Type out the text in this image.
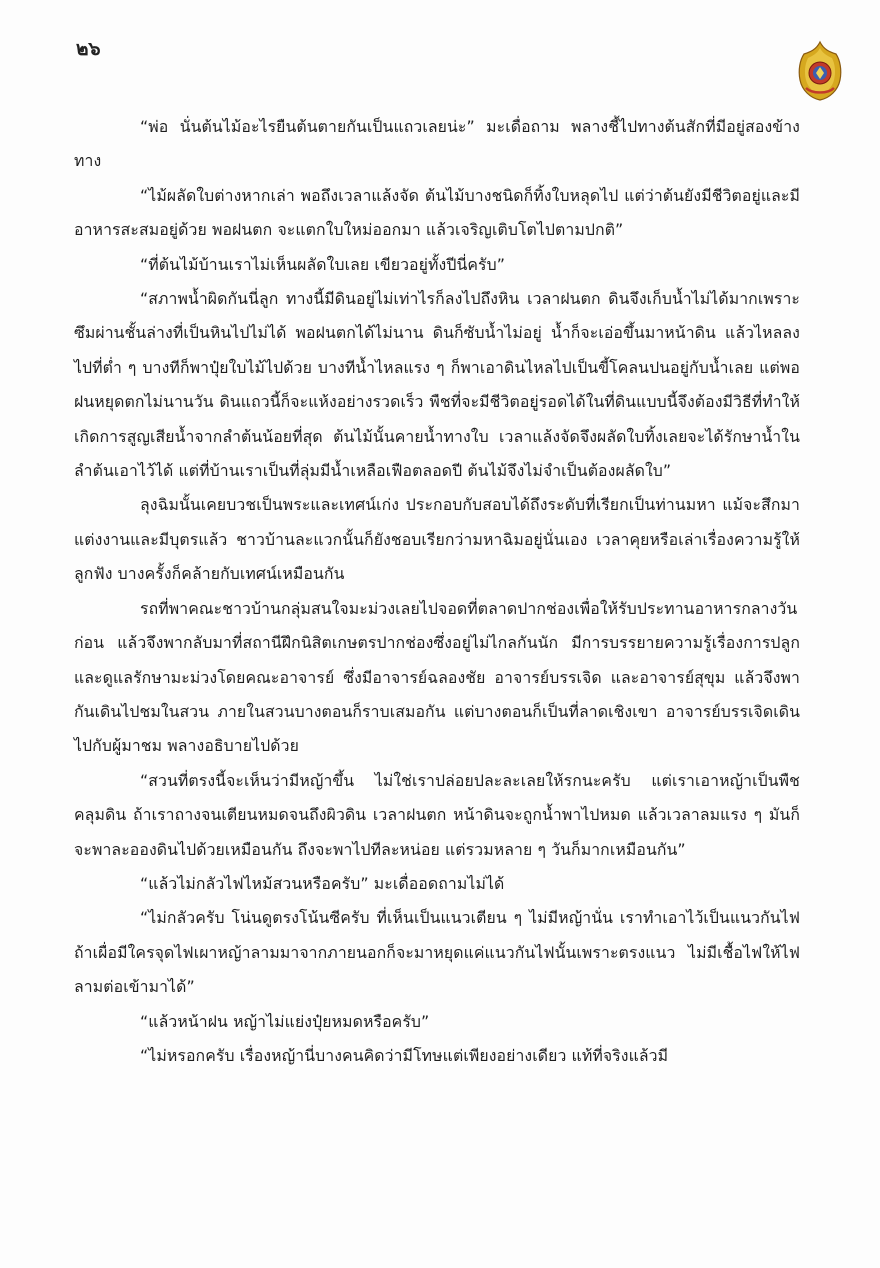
๒๖

“พ่อ นั่นต้นไม้อะไรยืนต้นตายกันเป็นแถวเลยน่ะ” มะเดื่อถาม พลางชี้ไปทางต้นสักที่มีอยู่สองข้างทาง

“ไม้ผลัดใบต่างหากเล่า พอถึงเวลาแล้งจัด ต้นไม้บางชนิดก็ทิ้งใบหลุดไป แต่ว่าต้นยังมีชีวิตอยู่และมีอาหารสะสมอยู่ด้วย พอฝนตก จะแตกใบใหม่ออกมา แล้วเจริญเติบโตไปตามปกติ”

“ที่ต้นไม้บ้านเราไม่เห็นผลัดใบเลย เขียวอยู่ทั้งปีนี่ครับ”

“สภาพน้ำผิดกันนี่ลูก ทางนี้มีดินอยู่ไม่เท่าไรก็ลงไปถึงหิน เวลาฝนตก ดินจึงเก็บน้ำไม่ได้มากเพราะซึมผ่านชั้นล่างที่เป็นหินไปไม่ได้ พอฝนตกได้ไม่นาน ดินก็ซับน้ำไม่อยู่ น้ำก็จะเอ่อขึ้นมาหน้าดิน แล้วไหลลงไปที่ต่ำ ๆ บางทีก็พาปุ๋ยใบไม้ไปด้วย บางทีน้ำไหลแรง ๆ ก็พาเอาดินไหลไปเป็นขี้โคลนปนอยู่กับน้ำเลย แต่พอฝนหยุดตกไม่นานวัน ดินแถวนี้ก็จะแห้งอย่างรวดเร็ว พืชที่จะมีชีวิตอยู่รอดได้ในที่ดินแบบนี้จึงต้องมีวิธีที่ทำให้เกิดการสูญเสียน้ำจากลำต้นน้อยที่สุด ต้นไม้นั้นคายน้ำทางใบ เวลาแล้งจัดจึงผลัดใบทิ้งเลยจะได้รักษาน้ำในลำต้นเอาไว้ได้ แต่ที่บ้านเราเป็นที่ลุ่มมีน้ำเหลือเฟือตลอดปี ต้นไม้จึงไม่จำเป็นต้องผลัดใบ”

ลุงฉิมนั้นเคยบวชเป็นพระและเทศน์เก่ง ประกอบกับสอบได้ถึงระดับที่เรียกเป็นท่านมหา แม้จะสึกมาแต่งงานและมีบุตรแล้ว ชาวบ้านละแวกนั้นก็ยังชอบเรียกว่ามหาฉิมอยู่นั่นเอง เวลาคุยหรือเล่าเรื่องความรู้ให้ลูกฟัง บางครั้งก็คล้ายกับเทศน์เหมือนกัน

รถที่พาคณะชาวบ้านกลุ่มสนใจมะม่วงเลยไปจอดที่ตลาดปากช่องเพื่อให้รับประทานอาหารกลางวันก่อน แล้วจึงพากลับมาที่สถานีฝึกนิสิตเกษตรปากช่องซึ่งอยู่ไม่ไกลกันนัก มีการบรรยายความรู้เรื่องการปลูกและดูแลรักษามะม่วงโดยคณะอาจารย์ ซึ่งมีอาจารย์ฉลองชัย อาจารย์บรรเจิด และอาจารย์สุขุม แล้วจึงพากันเดินไปชมในสวน ภายในสวนบางตอนก็ราบเสมอกัน แต่บางตอนก็เป็นที่ลาดเชิงเขา อาจารย์บรรเจิดเดินไปกับผู้มาชม พลางอธิบายไปด้วย

“สวนที่ตรงนี้จะเห็นว่ามีหญ้าขึ้น ไม่ใช่เราปล่อยปละละเลยให้รกนะครับ แต่เราเอาหญ้าเป็นพืชคลุมดิน ถ้าเราถางจนเตียนหมดจนถึงผิวดิน เวลาฝนตก หน้าดินจะถูกน้ำพาไปหมด แล้วเวลาลมแรง ๆ มันก็จะพาละอองดินไปด้วยเหมือนกัน ถึงจะพาไปทีละหน่อย แต่รวมหลาย ๆ วันก็มากเหมือนกัน”

“แล้วไม่กลัวไฟไหม้สวนหรือครับ” มะเดื่ออดถามไม่ได้

“ไม่กลัวครับ โน่นดูตรงโน้นซีครับ ที่เห็นเป็นแนวเตียน ๆ ไม่มีหญ้านั่น เราทำเอาไว้เป็นแนวกันไฟ ถ้าเผื่อมีใครจุดไฟเผาหญ้าลามมาจากภายนอกก็จะมาหยุดแค่แนวกันไฟนั้นเพราะตรงแนว ไม่มีเชื้อไฟให้ไฟลามต่อเข้ามาได้”

“แล้วหน้าฝน หญ้าไม่แย่งปุ๋ยหมดหรือครับ”

“ไม่หรอกครับ เรื่องหญ้านี่บางคนคิดว่ามีโทษแต่เพียงอย่างเดียว แท้ที่จริงแล้วมี
